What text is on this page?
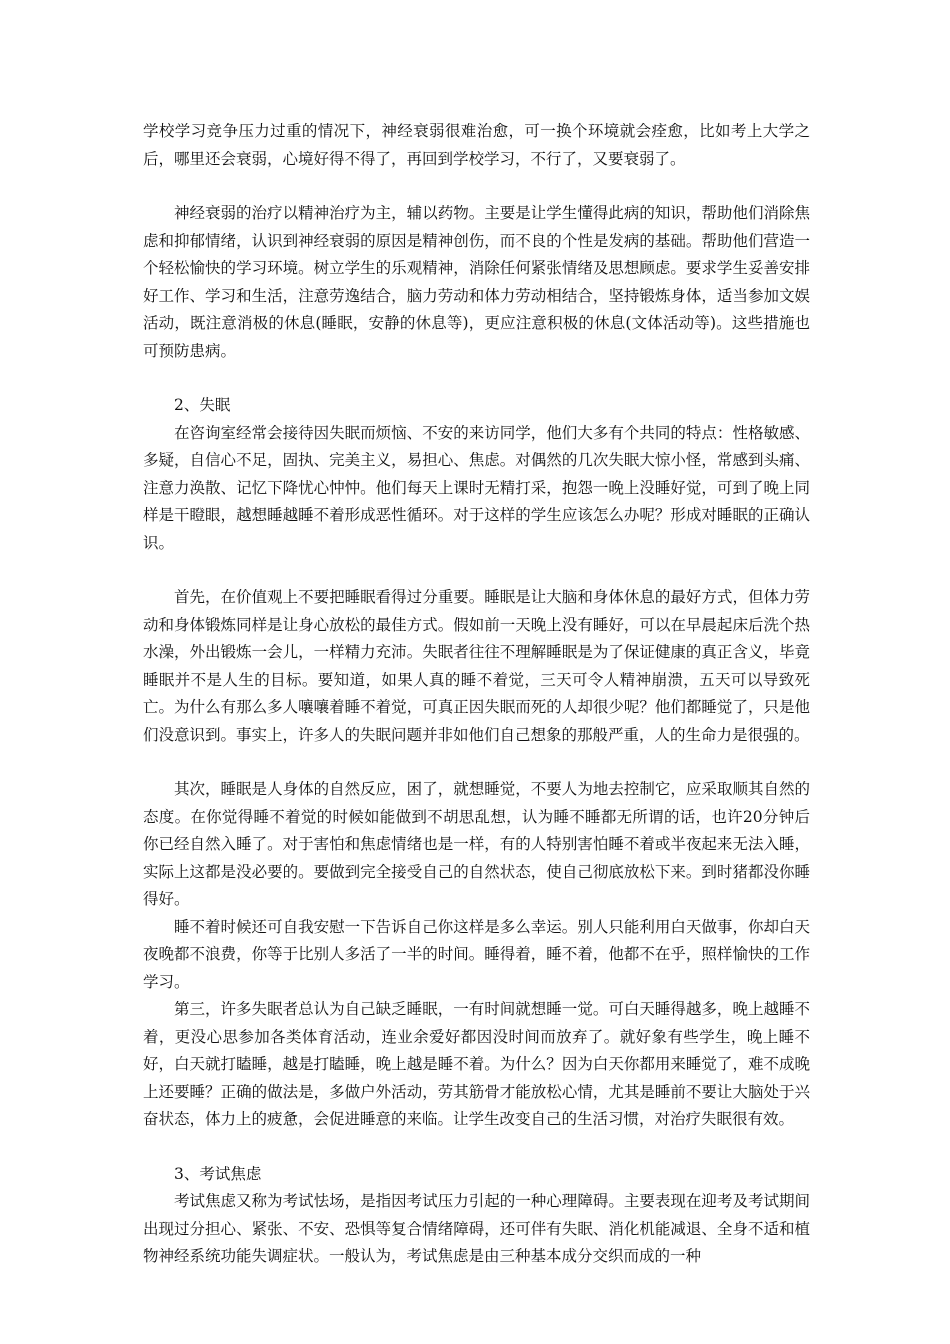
学校学习竞争压力过重的情况下，神经衰弱很难治愈，可一换个环境就会痊愈，比如考上大学之后，哪里还会衰弱，心境好得不得了，再回到学校学习，不行了，又要衰弱了。

神经衰弱的治疗以精神治疗为主，辅以药物。主要是让学生懂得此病的知识，帮助他们消除焦虑和抑郁情绪，认识到神经衰弱的原因是精神创伤，而不良的个性是发病的基础。帮助他们营造一个轻松愉快的学习环境。树立学生的乐观精神，消除任何紧张情绪及思想顾虑。要求学生妥善安排好工作、学习和生活，注意劳逸结合，脑力劳动和体力劳动相结合，坚持锻炼身体，适当参加文娱活动，既注意消极的休息(睡眠，安静的休息等)，更应注意积极的休息(文体活动等)。这些措施也可预防患病。

2、失眠

在咨询室经常会接待因失眠而烦恼、不安的来访同学，他们大多有个共同的特点：性格敏感、多疑，自信心不足，固执、完美主义，易担心、焦虑。对偶然的几次失眠大惊小怪，常感到头痛、注意力涣散、记忆下降忧心忡忡。他们每天上课时无精打采，抱怨一晚上没睡好觉，可到了晚上同样是干瞪眼，越想睡越睡不着形成恶性循环。对于这样的学生应该怎么办呢？形成对睡眠的正确认识。

首先，在价值观上不要把睡眠看得过分重要。睡眠是让大脑和身体休息的最好方式，但体力劳动和身体锻炼同样是让身心放松的最佳方式。假如前一天晚上没有睡好，可以在早晨起床后洗个热水澡，外出锻炼一会儿，一样精力充沛。失眠者往往不理解睡眠是为了保证健康的真正含义，毕竟睡眠并不是人生的目标。要知道，如果人真的睡不着觉，三天可令人精神崩溃，五天可以导致死亡。为什么有那么多人嚷嚷着睡不着觉，可真正因失眠而死的人却很少呢？他们都睡觉了，只是他们没意识到。事实上，许多人的失眠问题并非如他们自己想象的那般严重，人的生命力是很强的。

其次，睡眠是人身体的自然反应，困了，就想睡觉，不要人为地去控制它，应采取顺其自然的态度。在你觉得睡不着觉的时候如能做到不胡思乱想，认为睡不睡都无所谓的话，也许20分钟后你已经自然入睡了。对于害怕和焦虑情绪也是一样，有的人特别害怕睡不着或半夜起来无法入睡，实际上这都是没必要的。要做到完全接受自己的自然状态，使自己彻底放松下来。到时猪都没你睡得好。

睡不着时候还可自我安慰一下告诉自己你这样是多么幸运。别人只能利用白天做事，你却白天夜晚都不浪费，你等于比别人多活了一半的时间。睡得着，睡不着，他都不在乎，照样愉快的工作学习。

第三，许多失眠者总认为自己缺乏睡眠，一有时间就想睡一觉。可白天睡得越多，晚上越睡不着，更没心思参加各类体育活动，连业余爱好都因没时间而放弃了。就好象有些学生，晚上睡不好，白天就打瞌睡，越是打瞌睡，晚上越是睡不着。为什么？因为白天你都用来睡觉了，难不成晚上还要睡？正确的做法是，多做户外活动，劳其筋骨才能放松心情，尤其是睡前不要让大脑处于兴奋状态，体力上的疲惫，会促进睡意的来临。让学生改变自己的生活习惯，对治疗失眠很有效。

3、考试焦虑

考试焦虑又称为考试怯场，是指因考试压力引起的一种心理障碍。主要表现在迎考及考试期间出现过分担心、紧张、不安、恐惧等复合情绪障碍，还可伴有失眠、消化机能减退、全身不适和植物神经系统功能失调症状。一般认为，考试焦虑是由三种基本成分交织而成的一种
